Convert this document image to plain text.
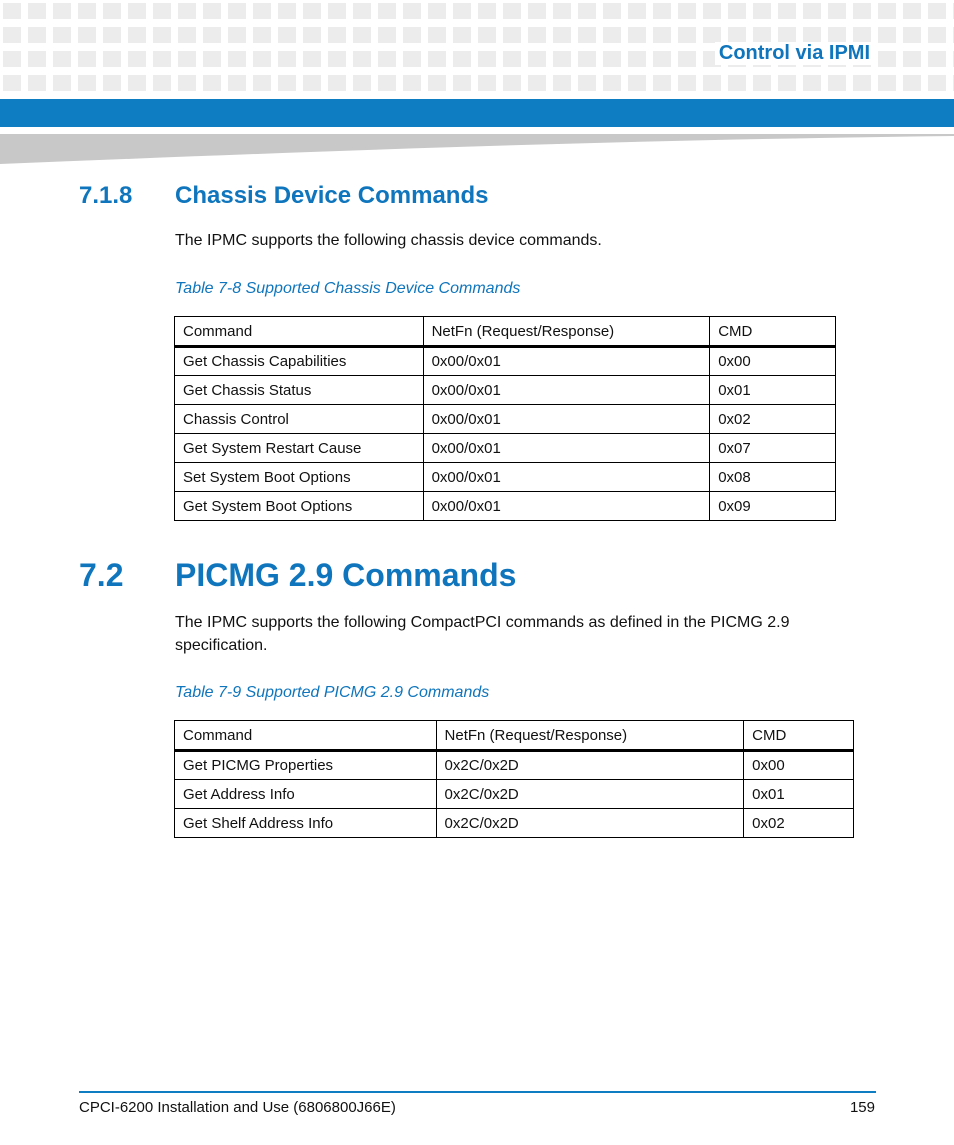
Control via IPMI
7.1.8 Chassis Device Commands
The IPMC supports the following chassis device commands.
Table 7-8 Supported Chassis Device Commands
Command	NetFn (Request/Response)	CMD
Get Chassis Capabilities	0x00/0x01	0x00
Get Chassis Status	0x00/0x01	0x01
Chassis Control	0x00/0x01	0x02
Get System Restart Cause	0x00/0x01	0x07
Set System Boot Options	0x00/0x01	0x08
Get System Boot Options	0x00/0x01	0x09
7.2 PICMG 2.9 Commands
The IPMC supports the following CompactPCI commands as defined in the PICMG 2.9
specification.
Table 7-9 Supported PICMG 2.9 Commands
Command	NetFn (Request/Response)	CMD
Get PICMG Properties	0x2C/0x2D	0x00
Get Address Info	0x2C/0x2D	0x01
Get Shelf Address Info	0x2C/0x2D	0x02
CPCI-6200 Installation and Use (6806800J66E)	159
